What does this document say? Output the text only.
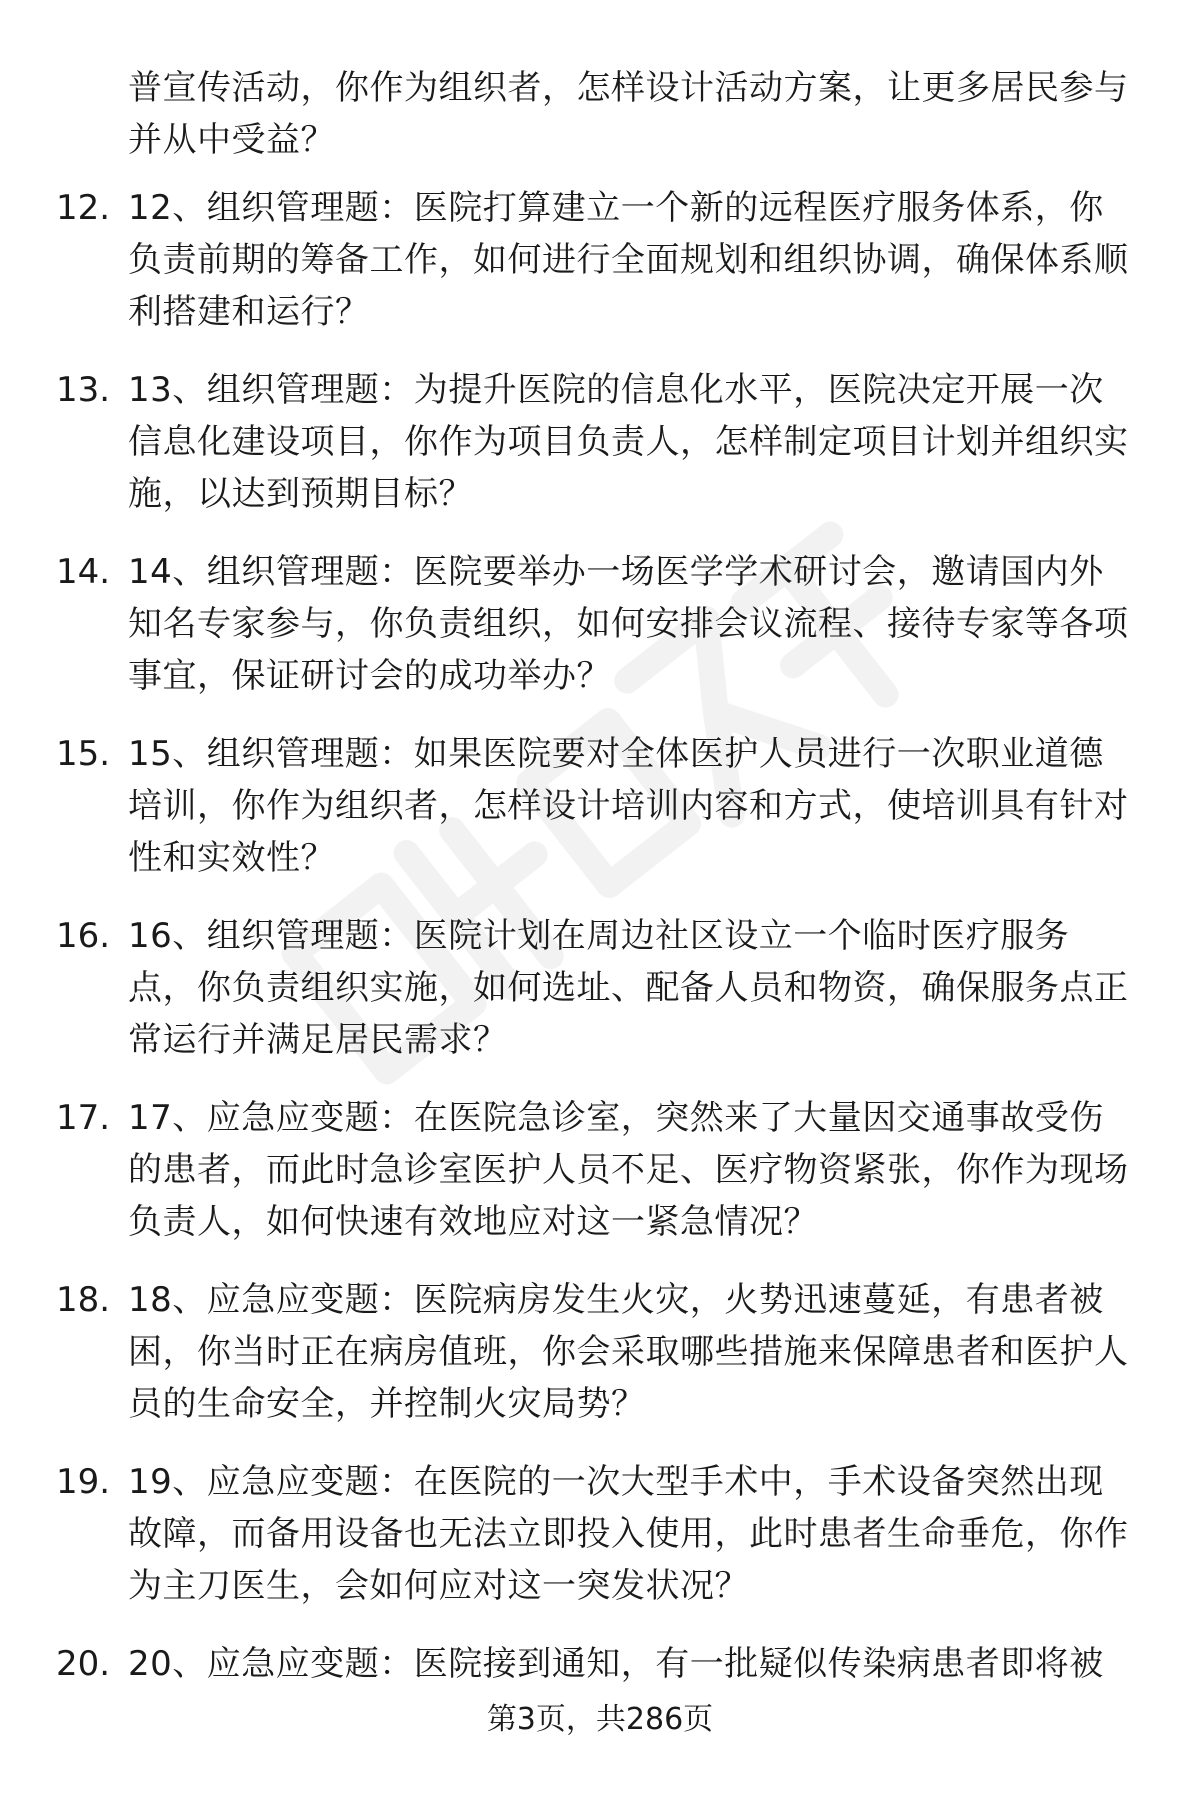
普宣传活动，你作为组织者，怎样设计活动方案，让更多居民参与并从中受益？
12. 12、组织管理题：医院打算建立一个新的远程医疗服务体系，你负责前期的筹备工作，如何进行全面规划和组织协调，确保体系顺利搭建和运行？
13. 13、组织管理题：为提升医院的信息化水平，医院决定开展一次信息化建设项目，你作为项目负责人，怎样制定项目计划并组织实施，以达到预期目标？
14. 14、组织管理题：医院要举办一场医学学术研讨会，邀请国内外知名专家参与，你负责组织，如何安排会议流程、接待专家等各项事宜，保证研讨会的成功举办？
15. 15、组织管理题：如果医院要对全体医护人员进行一次职业道德培训，你作为组织者，怎样设计培训内容和方式，使培训具有针对性和实效性？
16. 16、组织管理题：医院计划在周边社区设立一个临时医疗服务点，你负责组织实施，如何选址、配备人员和物资，确保服务点正常运行并满足居民需求？
17. 17、应急应变题：在医院急诊室，突然来了大量因交通事故受伤的患者，而此时急诊室医护人员不足、医疗物资紧张，你作为现场负责人，如何快速有效地应对这一紧急情况？
18. 18、应急应变题：医院病房发生火灾，火势迅速蔓延，有患者被困，你当时正在病房值班，你会采取哪些措施来保障患者和医护人员的生命安全，并控制火灾局势？
19. 19、应急应变题：在医院的一次大型手术中，手术设备突然出现故障，而备用设备也无法立即投入使用，此时患者生命垂危，你作为主刀医生，会如何应对这一突发状况？
20. 20、应急应变题：医院接到通知，有一批疑似传染病患者即将被
第3页，共286页
